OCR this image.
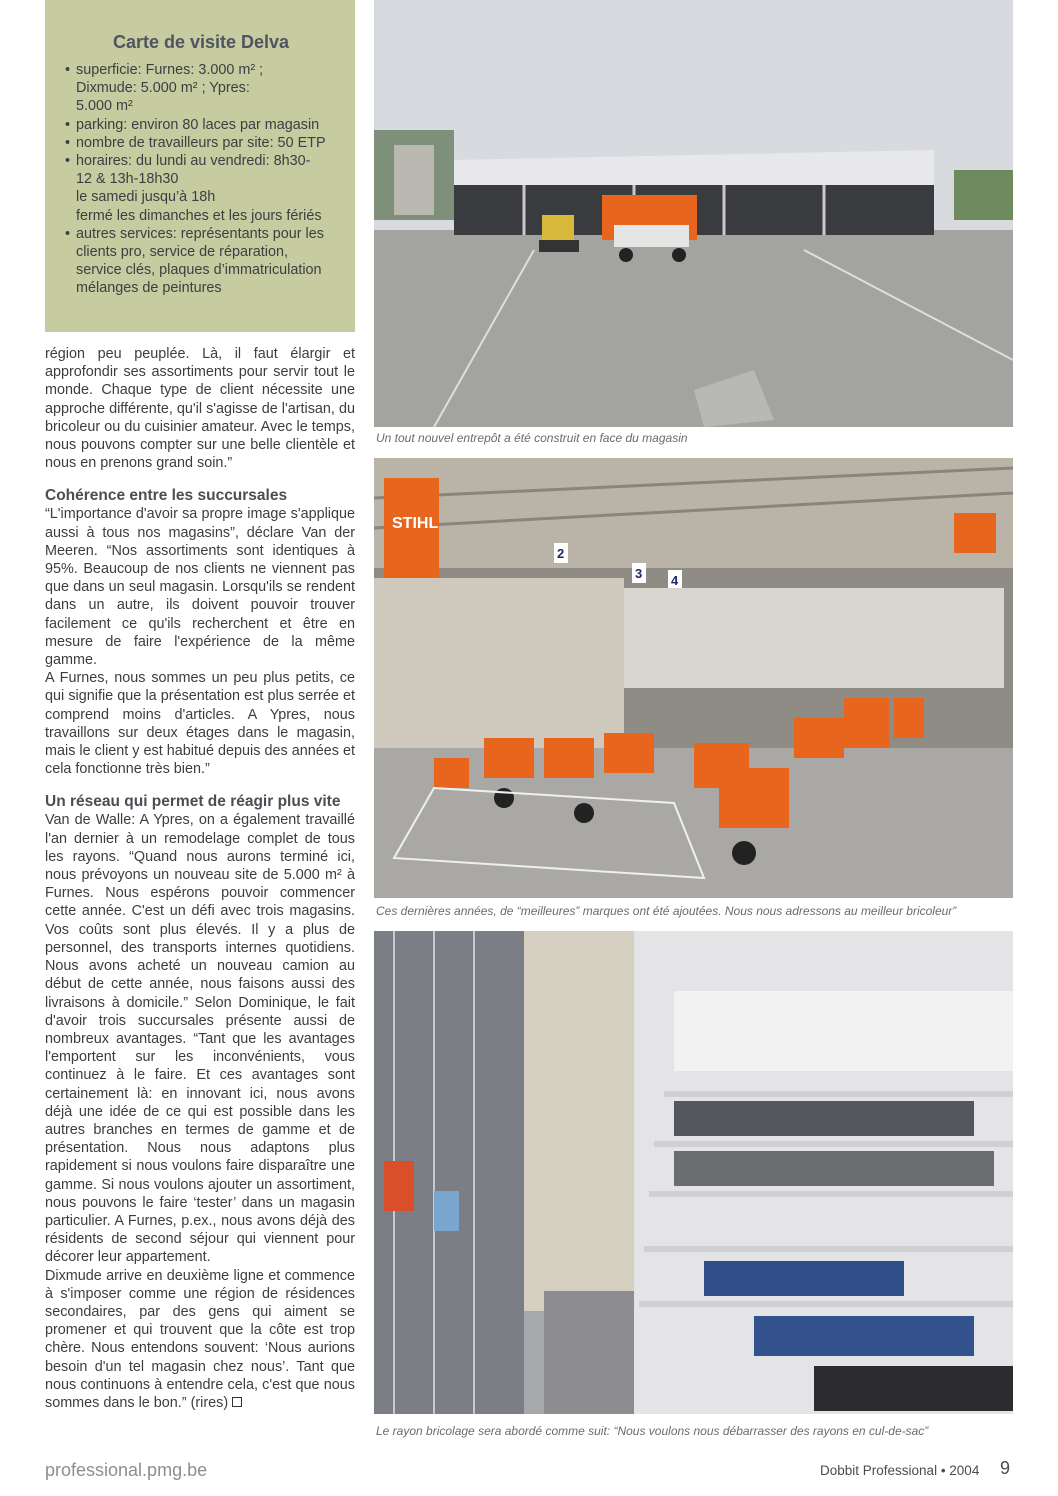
Carte de visite Delva
• superficie: Furnes: 3.000 m² ;
Dixmude: 5.000 m² ; Ypres:
5.000 m²
• parking: environ 80 laces par magasin
• nombre de travailleurs par site: 50 ETP
• horaires: du lundi au vendredi: 8h30-
12 & 13h-18h30
le samedi jusqu’à 18h
fermé les dimanches et les jours fériés
• autres services: représentants pour les
clients pro, service de réparation,
service clés, plaques d’immatriculation
mélanges de peintures

région peu peuplée. Là, il faut élargir et approfondir ses assortiments pour servir tout le monde. Chaque type de client nécessite une approche différente, qu'il s'agisse de l'artisan, du bricoleur ou du cuisinier amateur. Avec le temps, nous pouvons compter sur une belle clientèle et nous en prenons grand soin.”

Cohérence entre les succursales

“L'importance d'avoir sa propre image s'applique aussi à tous nos magasins”, déclare Van der Meeren. “Nos assortiments sont identiques à 95%. Beaucoup de nos clients ne viennent pas que dans un seul magasin. Lorsqu'ils se rendent dans un autre, ils doivent pouvoir trouver facilement ce qu'ils recherchent et être en mesure de faire l'expérience de la même gamme.

A Furnes, nous sommes un peu plus petits, ce qui signifie que la présentation est plus serrée et comprend moins d'articles. A Ypres, nous travaillons sur deux étages dans le magasin, mais le client y est habitué depuis des années et cela fonctionne très bien.”

Un réseau qui permet de réagir plus vite

Van de Walle: A Ypres, on a également travaillé l'an dernier à un remodelage complet de tous les rayons. “Quand nous aurons terminé ici, nous prévoyons un nouveau site de 5.000 m² à Furnes. Nous espérons pouvoir commencer cette année. C'est un défi avec trois magasins. Vos coûts sont plus élevés. Il y a plus de personnel, des transports internes quotidiens. Nous avons acheté un nouveau camion au début de cette année, nous faisons aussi des livraisons à domicile.” Selon Dominique, le fait d'avoir trois succursales présente aussi de nombreux avantages. “Tant que les avantages l'emportent sur les inconvénients, vous continuez à le faire. Et ces avantages sont certainement là: en innovant ici, nous avons déjà une idée de ce qui est possible dans les autres branches en termes de gamme et de présentation. Nous nous adaptons plus rapidement si nous voulons faire disparaître une gamme. Si nous voulons ajouter un assortiment, nous pouvons le faire ‘tester’ dans un magasin particulier. A Furnes, p.ex., nous avons déjà des résidents de second séjour qui viennent pour décorer leur appartement.

Dixmude arrive en deuxième ligne et commence à s'imposer comme une région de résidences secondaires, par des gens qui aiment se promener et qui trouvent que la côte est trop chère. Nous entendons souvent: ‘Nous aurions besoin d'un tel magasin chez nous’. Tant que nous continuons à entendre cela, c'est que nous sommes dans le bon.” (rires)

Un tout nouvel entrepôt a été construit en face du magasin
STIHL
2
3 4
Ces dernières années, de “meilleures” marques ont été ajoutées. Nous nous adressons au meilleur bricoleur”
Le rayon bricolage sera abordé comme suit: “Nous voulons nous débarrasser des rayons en cul-de-sac”
professional.pmg.be	Dobbit Professional • 2004 9
